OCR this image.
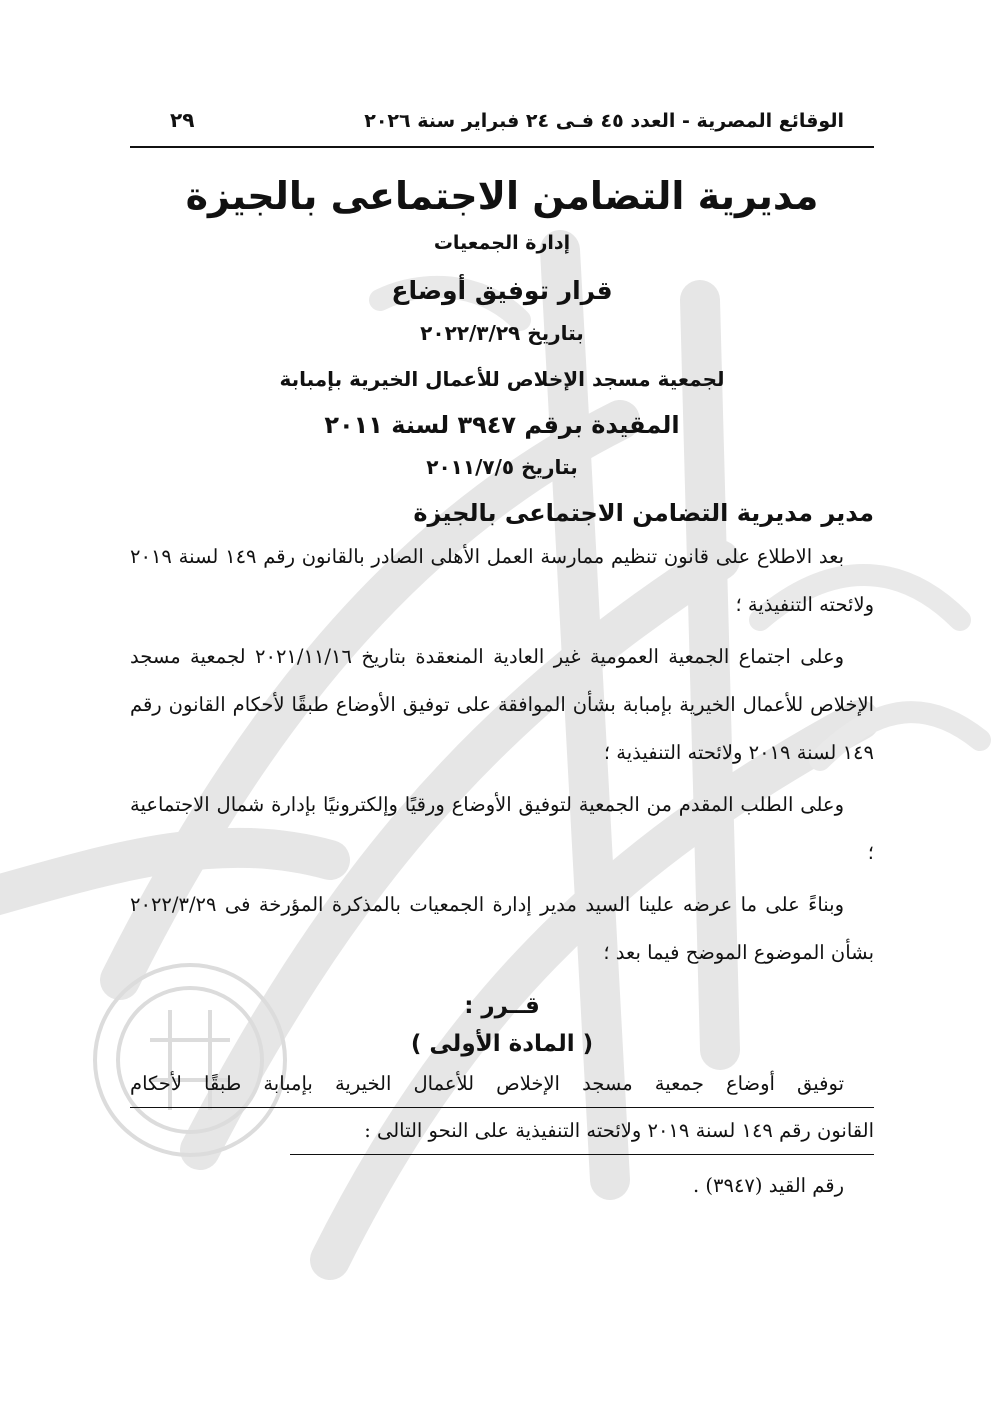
الوقائع المصرية - العدد ٤٥ فـى ٢٤ فبراير سنة ٢٠٢٦
٢٩
مديرية التضامن الاجتماعى بالجيزة

إدارة الجمعيات

قرار توفيق أوضاع

بتاريخ ٢٠٢٢/٣/٢٩

لجمعية مسجد الإخلاص للأعمال الخيرية بإمبابة

المقيدة برقم ٣٩٤٧ لسنة ٢٠١١

بتاريخ ٢٠١١/٧/٥

مدير مديرية التضامن الاجتماعى بالجيزة

بعد الاطلاع على قانون تنظيم ممارسة العمل الأهلى الصادر بالقانون رقم ١٤٩ لسنة ٢٠١٩ ولائحته التنفيذية ؛

وعلى اجتماع الجمعية العمومية غير العادية المنعقدة بتاريخ ٢٠٢١/١١/١٦ لجمعية مسجد الإخلاص للأعمال الخيرية بإمبابة بشأن الموافقة على توفيق الأوضاع طبقًا لأحكام القانون رقم ١٤٩ لسنة ٢٠١٩ ولائحته التنفيذية ؛

وعلى الطلب المقدم من الجمعية لتوفيق الأوضاع ورقيًا وإلكترونيًا بإدارة شمال الاجتماعية ؛

وبناءً على ما عرضه علينا السيد مدير إدارة الجمعيات بالمذكرة المؤرخة فى ٢٠٢٢/٣/٢٩ بشأن الموضوع الموضح فيما بعد ؛

قــرر :

( المادة الأولى )

توفيق أوضاع جمعية مسجد الإخلاص للأعمال الخيرية بإمبابة طبقًا لأحكام
القانون رقم ١٤٩ لسنة ٢٠١٩ ولائحته التنفيذية على النحو التالى :

رقم القيد (٣٩٤٧) .
